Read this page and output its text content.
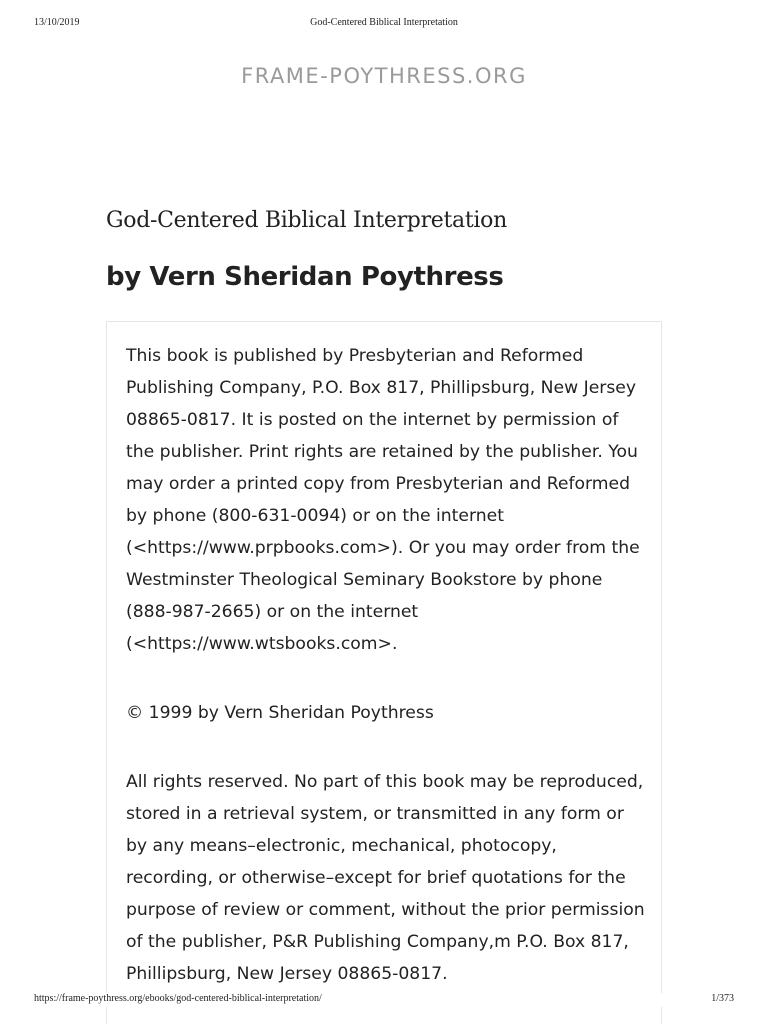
13/10/2019	God-Centered Biblical Interpretation
FRAME-POYTHRESS.ORG
God-Centered Biblical Interpretation
by Vern Sheridan Poythress

This book is published by Presbyterian and Reformed Publishing Company, P.O. Box 817, Phillipsburg, New Jersey 08865-0817. It is posted on the internet by permission of the publisher. Print rights are retained by the publisher. You may order a printed copy from Presbyterian and Reformed by phone (800-631-0094) or on the internet (<https://www.prpbooks.com>). Or you may order from the Westminster Theological Seminary Bookstore by phone (888-987-2665) or on the internet (<https://www.wtsbooks.com>.

© 1999 by Vern Sheridan Poythress

All rights reserved. No part of this book may be reproduced, stored in a retrieval system, or transmitted in any form or by any means–electronic, mechanical, photocopy, recording, or otherwise–except for brief quotations for the purpose of review or comment, without the prior permission of the publisher, P&R Publishing Company,m P.O. Box 817, Phillipsburg, New Jersey 08865-0817.

https://frame-poythress.org/ebooks/god-centered-biblical-interpretation/	1/373
